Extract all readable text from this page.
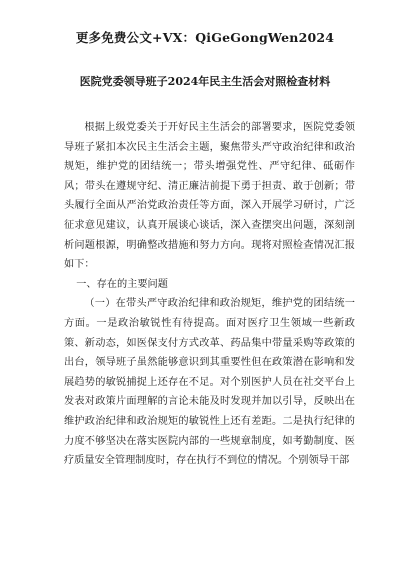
更多免费公文+VX：QiGeGongWen2024
医院党委领导班子2024年民主生活会对照检查材料

根据上级党委关于开好民主生活会的部署要求，医院党委领导班子紧扣本次民主生活会主题，聚焦带头严守政治纪律和政治规矩，维护党的团结统一；带头增强党性、严守纪律、砥砺作风；带头在遵规守纪、清正廉洁前提下勇于担责、敢于创新；带头履行全面从严治党政治责任等方面，深入开展学习研讨，广泛征求意见建议，认真开展谈心谈话，深入查摆突出问题，深刻剖析问题根源，明确整改措施和努力方向。现将对照检查情况汇报如下：

一、存在的主要问题

（一）在带头严守政治纪律和政治规矩，维护党的团结统一方面。一是政治敏锐性有待提高。面对医疗卫生领域一些新政策、新动态，如医保支付方式改革、药品集中带量采购等政策的出台，领导班子虽然能够意识到其重要性但在政策潜在影响和发展趋势的敏锐捕捉上还存在不足。对个别医护人员在社交平台上发表对政策片面理解的言论未能及时发现并加以引导，反映出在维护政治纪律和政治规矩的敏锐性上还有差距。二是执行纪律的力度不够坚决在落实医院内部的一些规章制度，如考勤制度、医疗质量安全管理制度时，存在执行不到位的情况。个别领导干部
